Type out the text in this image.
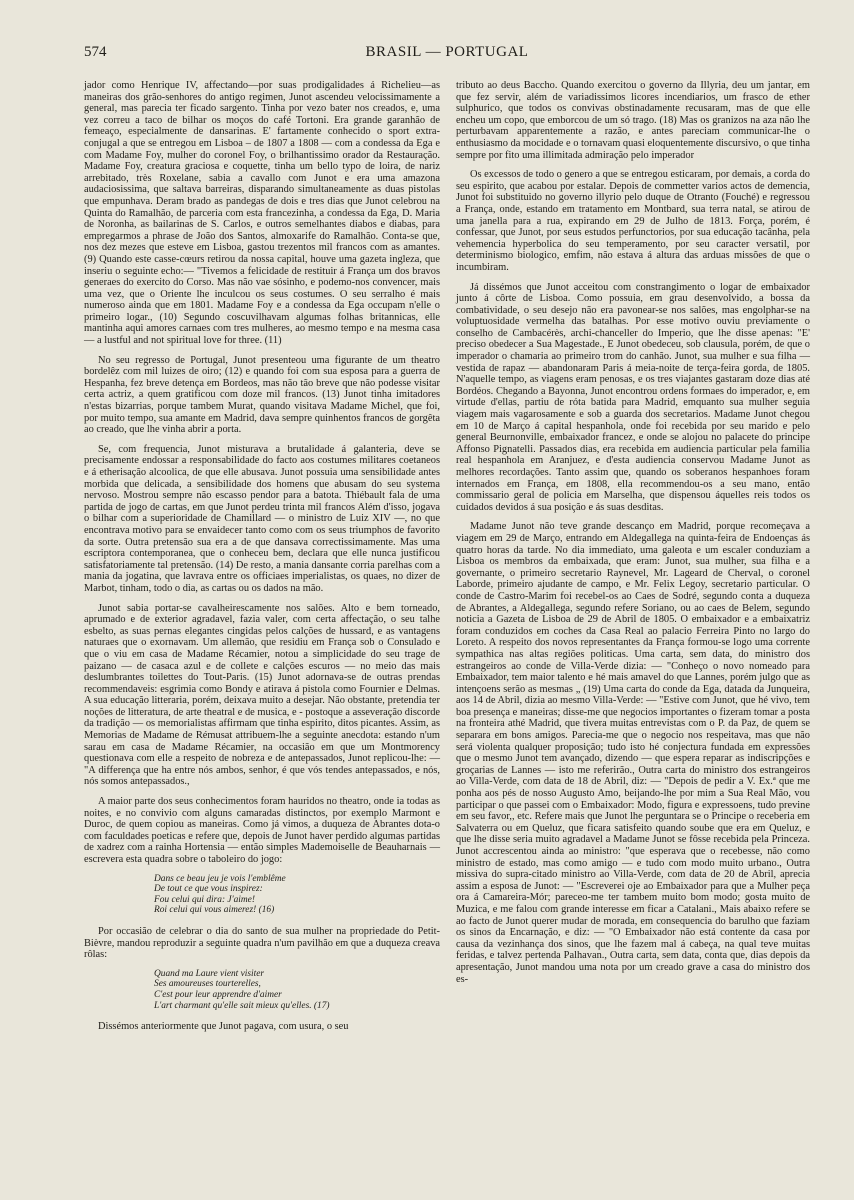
574	BRASIL — PORTUGAL

jador como Henrique IV, affectando—por suas prodigalidades á Richelieu—as maneiras dos grão-senhores do antigo regimen, Junot ascendeu velocissimamente a general, mas parecia ter ficado sargento. Tinha por vezo bater nos creados, e, uma vez correu a taco de bilhar os moços do café Tortoni. Era grande garanhão de femeaço, especialmente de dansarinas. E' fartamente conhecido o sport extra-conjugal a que se entregou em Lisboa – de 1807 a 1808 — com a condessa da Ega e com Madame Foy, mulher do coronel Foy, o brilhantissimo orador da Restauração. Madame Foy, creatura graciosa e coquette, tinha um bello typo de loira, de nariz arrebitado, très Roxelane, sabia a cavallo com Junot e era uma amazona audaciosissima, que saltava barreiras, disparando simultaneamente as duas pistolas que empunhava. Deram brado as pandegas de dois e tres dias que Junot celebrou na Quinta do Ramalhão, de parceria com esta francezinha, a condessa da Ega, D. Maria de Noronha, as bailarinas de S. Carlos, e outros semelhantes diabos e diabas, para empregarmos a phrase de João dos Santos, almoxarife do Ramalhão. Conta-se que, nos dez mezes que esteve em Lisboa, gastou trezentos mil francos com as amantes. (9) Quando este casse-cœurs retirou da nossa capital, houve uma gazeta ingleza, que inseriu o seguinte echo:— "Tivemos a felicidade de restituir á França um dos bravos generaes do exercito do Corso. Mas não vae sósinho, e podemo-nos convencer, mais uma vez, que o Oriente lhe inculcou os seus costumes. O seu serralho é mais numeroso ainda que em 1801. Madame Foy e a condessa da Ega occupam n'elle o primeiro logar., (10) Segundo coscuvilhavam algumas folhas britannicas, elle mantinha aqui amores carnaes com tres mulheres, ao mesmo tempo e na mesma casa — a lustful and not spiritual love for three. (11)

No seu regresso de Portugal, Junot presenteou uma figurante de um theatro bordelêz com mil luizes de oiro; (12) e quando foi com sua esposa para a guerra de Hespanha, fez breve detença em Bordeos, mas não tão breve que não podesse visitar certa actriz, a quem gratificou com doze mil francos. (13) Junot tinha imitadores n'estas bizarrias, porque tambem Murat, quando visitava Madame Michel, que foi, por muito tempo, sua amante em Madrid, dava sempre quinhentos francos de gorgêta ao creado, que lhe vinha abrir a porta.

Se, com frequencia, Junot misturava a brutalidade á galanteria, deve se precisamente endossar a responsabilidade do facto aos costumes militares coetaneos e á etherisação alcoolica, de que elle abusava. Junot possuia uma sensibilidade antes morbida que delicada, a sensibilidade dos homens que abusam do seu systema nervoso. Mostrou sempre não escasso pendor para a batota. Thiébault fala de uma partida de jogo de cartas, em que Junot perdeu trinta mil francos Além d'isso, jogava o bilhar com a superioridade de Chamillard — o ministro de Luiz XIV —, no que encontrava motivo para se envaidecer tanto como com os seus triumphos de favorito da sorte. Outra pretensão sua era a de que dansava correctissimamente. Mas uma escriptora contemporanea, que o conheceu bem, declara que elle nunca justificou satisfatoriamente tal pretensão. (14) De resto, a mania dansante corria parelhas com a mania da jogatina, que lavrava entre os officiaes imperialistas, os quaes, no dizer de Marbot, tinham, todo o dia, as cartas ou os dados na mão.

Junot sabia portar-se cavalheirescamente nos salões. Alto e bem torneado, aprumado e de exterior agradavel, fazia valer, com certa affectação, o seu talhe esbelto, as suas pernas elegantes cingidas pelos calções de hussard, e as vantagens naturaes que o exornavam. Um allemão, que residiu em França sob o Consulado e que o viu em casa de Madame Récamier, notou a simplicidade do seu trage de paizano — de casaca azul e de collete e calções escuros — no meio das mais deslumbrantes toilettes do Tout-Paris. (15) Junot adornava-se de outras prendas recommendaveis: esgrimia como Bondy e atirava á pistola como Fournier e Delmas. A sua educação litteraria, porém, deixava muito a desejar. Não obstante, pretendia ter noções de litteratura, de arte theatral e de musica, e - postoque a asseveração discorde da tradição — os memorialistas affirmam que tinha espirito, ditos picantes. Assim, as Memorias de Madame de Rémusat attribuem-lhe a seguinte anecdota: estando n'um sarau em casa de Madame Récamier, na occasião em que um Montmorency questionava com elle a respeito de nobreza e de antepassados, Junot replicou-lhe: — "A differença que ha entre nós ambos, senhor, é que vós tendes antepassados, e nós, nós somos antepassados.,

A maior parte dos seus conhecimentos foram hauridos no theatro, onde ia todas as noites, e no convivio com alguns camaradas distinctos, por exemplo Marmont e Duroc, de quem copiou as maneiras. Como já vimos, a duqueza de Abrantes dota-o com faculdades poeticas e refere que, depois de Junot haver perdido algumas partidas de xadrez com a rainha Hortensia — então simples Mademoiselle de Beauharnais — escrevera esta quadra sobre o taboleiro do jogo:

Dans ce beau jeu je vois l'emblême
De tout ce que vous inspirez:
Fou celui qui dira: J'aime!
Roi celui qui vous aimerez! (16)

Por occasião de celebrar o dia do santo de sua mulher na propriedade do Petit-Bièvre, mandou reproduzir a seguinte quadra n'um pavilhão em que a duqueza creava rôlas:

Quand ma Laure vient visiter
Ses amoureuses tourterelles,
C'est pour leur apprendre d'aimer
L'art charmant qu'elle sait mieux qu'elles. (17)

Dissémos anteriormente que Junot pagava, com usura, o seu

tributo ao deus Baccho. Quando exercitou o governo da Illyria, deu um jantar, em que fez servir, além de variadissimos licores incendiarios, um frasco de ether sulphurico, que todos os convivas obstinadamente recusaram, mas de que elle encheu um copo, que emborcou de um só trago. (18) Mas os granizos na aza não lhe perturbavam apparentemente a razão, e antes pareciam communicar-lhe o enthusiasmo da mocidade e o tornavam quasi eloquentemente discursivo, o que tinha sempre por fito uma illimitada admiração pelo imperador

Os excessos de todo o genero a que se entregou esticaram, por demais, a corda do seu espirito, que acabou por estalar. Depois de commetter varios actos de demencia, Junot foi substituido no governo illyrio pelo duque de Otranto (Fouché) e regressou a França, onde, estando em tratamento em Montbard, sua terra natal, se atirou de uma janella para a rua, expirando em 29 de Julho de 1813. Força, porém, é confessar, que Junot, por seus estudos perfunctorios, por sua educação tacânha, pela vehemencia hyperbolica do seu temperamento, por seu caracter versatil, por determinismo biologico, emfim, não estava á altura das arduas missões de que o incumbiram.

Já dissémos que Junot acceitou com constrangimento o logar de embaixador junto á côrte de Lisboa. Como possuia, em grau desenvolvido, a bossa da combatividade, o seu desejo não era pavonear-se nos salões, mas engolphar-se na voluptuosidade vermelha das batalhas. Por esse motivo ouviu previamente o conselho de Cambacérès, archi-chanceller do Imperio, que lhe disse apenas: "E' preciso obedecer a Sua Magestade., E Junot obedeceu, sob clausula, porém, de que o imperador o chamaria ao primeiro trom do canhão. Junot, sua mulher e sua filha — vestida de rapaz — abandonaram Paris á meia-noite de terça-feira gorda, de 1805. N'aquelle tempo, as viagens eram penosas, e os tres viajantes gastaram doze dias até Bordéos. Chegando a Bayonna, Junot encontrou ordens formaes do imperador, e, em virtude d'ellas, partiu de róta batida para Madrid, emquanto sua mulher seguia viagem mais vagarosamente e sob a guarda dos secretarios. Madame Junot chegou em 10 de Março á capital hespanhola, onde foi recebida por seu marido e pelo general Beurnonville, embaixador francez, e onde se alojou no palacete do principe Affonso Pignatelli. Passados dias, era recebida em audiencia particular pela familia real hespanhola em Aranjuez, e d'esta audiencia conservou Madame Junot as melhores recordações. Tanto assim que, quando os soberanos hespanhoes foram internados em França, em 1808, ella recommendou-os a seu mano, então commissario geral de policia em Marselha, que dispensou áquelles reis todos os cuidados devidos á sua posição e ás suas desditas.

Madame Junot não teve grande descanço em Madrid, porque recomeçava a viagem em 29 de Março, entrando em Aldegallega na quinta-feira de Endoenças ás quatro horas da tarde. No dia immediato, uma galeota e um escaler conduziam a Lisboa os membros da embaixada, que eram: Junot, sua mulher, sua filha e a governante, o primeiro secretario Raynevel, Mr. Lageard de Cherval, o coronel Laborde, primeiro ajudante de campo, e Mr. Felix Legoy, secretario particular. O conde de Castro-Marim foi recebel-os ao Caes de Sodré, segundo conta a duqueza de Abrantes, a Aldegallega, segundo refere Soriano, ou ao caes de Belem, segundo noticia a Gazeta de Lisboa de 29 de Abril de 1805. O embaixador e a embaixatriz foram conduzidos em coches da Casa Real ao palacio Ferreira Pinto no largo do Loreto. A respeito dos novos representantes da França formou-se logo uma corrente sympathica nas altas regiões politicas. Uma carta, sem data, do ministro dos estrangeiros ao conde de Villa-Verde dizia: — "Conheço o novo nomeado para Embaixador, tem maior talento e hé mais amavel do que Lannes, porém julgo que as intençoens serão as mesmas „ (19) Uma carta do conde da Ega, datada da Junqueira, aos 14 de Abril, dizia ao mesmo Villa-Verde: — "Estive com Junot, que hé vivo, tem boa presença e maneiras; disse-me que negocios importantes o fizeram tomar a posta na fronteira athé Madrid, que tivera muitas entrevistas com o P. da Paz, de quem se separara em bons amigos. Parecia-me que o negocio nos respeitava, mas que não será violenta qualquer proposição; tudo isto hé conjectura fundada em expressões que o mesmo Junot tem avançado, dizendo — que espera reparar as indiscripções e groçarias de Lannes — isto me referirão., Outra carta do ministro dos estrangeiros ao Villa-Verde, com data de 18 de Abril, diz: — "Depois de pedir a V. Ex.ª que me ponha aos pés de nosso Augusto Amo, beijando-lhe por mim a Sua Real Mão, vou participar o que passei com o Embaixador: Modo, figura e expressoens, tudo previne em seu favor,, etc. Refere mais que Junot lhe perguntara se o Principe o receberia em Salvaterra ou em Queluz, que ficara satisfeito quando soube que era em Queluz, e que lhe disse seria muito agradavel a Madame Junot se fôsse recebida pela Princeza. Junot accrescentou ainda ao ministro: "que esperava que o recebesse, não como ministro de estado, mas como amigo — e tudo com modo muito urbano., Outra missiva do supra-citado ministro ao Villa-Verde, com data de 20 de Abril, aprecia assim a esposa de Junot: — "Escreverei oje ao Embaixador para que a Mulher peça ora á Camareira-Mór; pareceo-me ter tambem muito bom modo; gosta muito de Muzica, e me falou com grande interesse em ficar a Catalani., Mais abaixo refere se ao facto de Junot querer mudar de morada, em consequencia do barulho que faziam os sinos da Encarnação, e diz: — "O Embaixador não está contente da casa por causa da vezinhança dos sinos, que lhe fazem mal á cabeça, na qual teve muitas feridas, e talvez pertenda Palhavan., Outra carta, sem data, conta que, dias depois da apresentação, Junot mandou uma nota por um creado grave a casa do ministro dos es-
